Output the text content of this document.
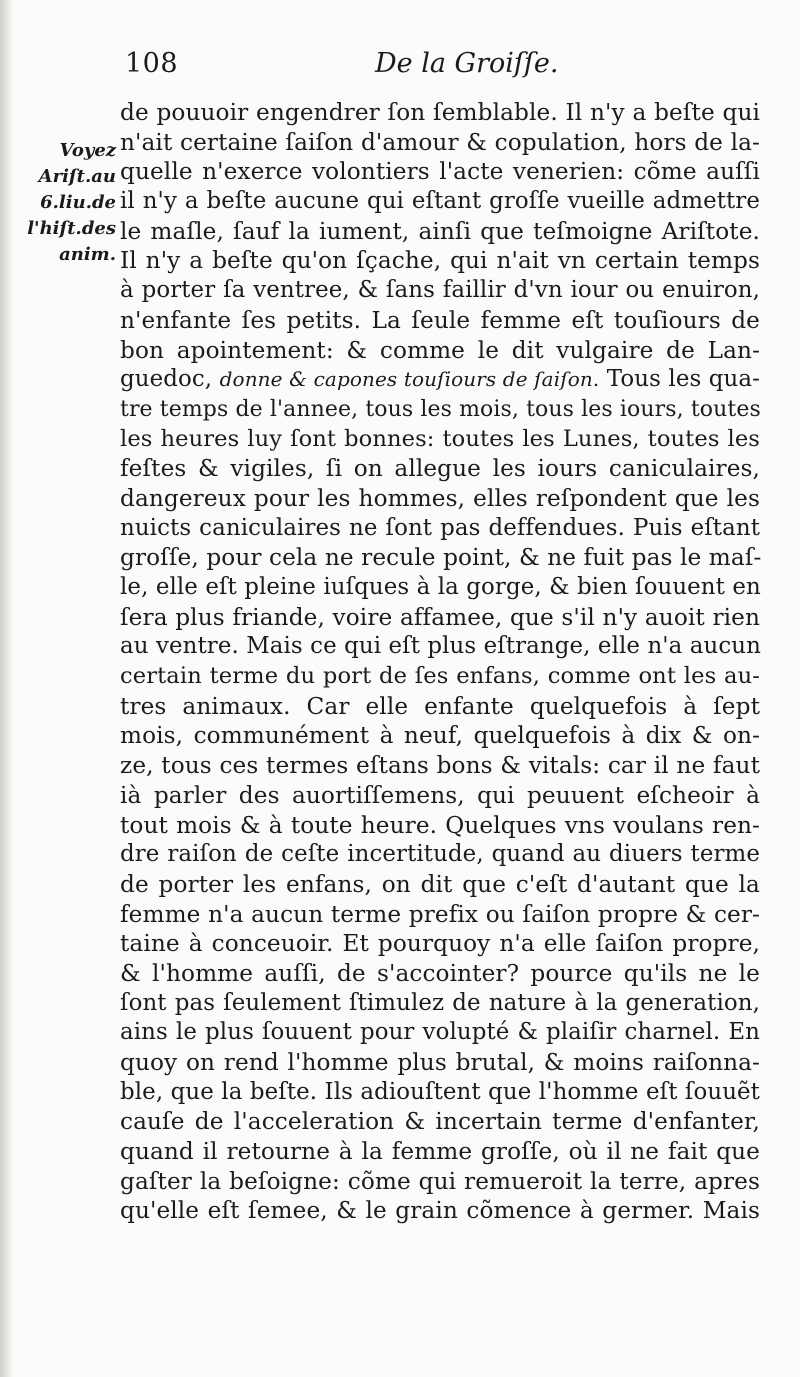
108	De la Groiſſe.
Voyez
Ariſt.au
6.liu.de
l'hiſt.des
anim.
de pouuoir engendrer ſon ſemblable. Il n'y a beſte qui
n'ait certaine ſaiſon d'amour & copulation, hors de la-
quelle n'exerce volontiers l'acte venerien: cõme auſſi
il n'y a beſte aucune qui eſtant groſſe vueille admettre
le maſle, ſauf la iument, ainſi que teſmoigne Ariſtote.
Il n'y a beſte qu'on ſçache, qui n'ait vn certain temps
à porter ſa ventree, & ſans faillir d'vn iour ou enuiron,
n'enfante ſes petits. La ſeule femme eſt touſiours de
bon apointement: & comme le dit vulgaire de Lan-
guedoc, donne & capones touſiours de ſaiſon. Tous les qua-
tre temps de l'annee, tous les mois, tous les iours, toutes
les heures luy ſont bonnes: toutes les Lunes, toutes les
feſtes & vigiles, ſi on allegue les iours caniculaires,
dangereux pour les hommes, elles reſpondent que les
nuicts caniculaires ne ſont pas deffendues. Puis eſtant
groſſe, pour cela ne recule point, & ne fuit pas le maſ-
le, elle eſt pleine iuſques à la gorge, & bien ſouuent en
ſera plus friande, voire affamee, que s'il n'y auoit rien
au ventre. Mais ce qui eſt plus eſtrange, elle n'a aucun
certain terme du port de ſes enfans, comme ont les au-
tres animaux. Car elle enfante quelquefois à ſept
mois, communément à neuf, quelquefois à dix & on-
ze, tous ces termes eſtans bons & vitals: car il ne faut
ià parler des auortiſſemens, qui peuuent eſcheoir à
tout mois & à toute heure. Quelques vns voulans ren-
dre raiſon de ceſte incertitude, quand au diuers terme
de porter les enfans, on dit que c'eſt d'autant que la
femme n'a aucun terme prefix ou ſaiſon propre & cer-
taine à conceuoir. Et pourquoy n'a elle ſaiſon propre,
& l'homme auſſi, de s'accointer? pource qu'ils ne le
ſont pas ſeulement ſtimulez de nature à la generation,
ains le plus ſouuent pour volupté & plaiſir charnel. En
quoy on rend l'homme plus brutal, & moins raiſonna-
ble, que la beſte. Ils adiouſtent que l'homme eſt ſouuẽt
cauſe de l'acceleration & incertain terme d'enfanter,
quand il retourne à la femme groſſe, où il ne fait que
gaſter la beſoigne: cõme qui remueroit la terre, apres
qu'elle eſt ſemee, & le grain cõmence à germer. Mais
